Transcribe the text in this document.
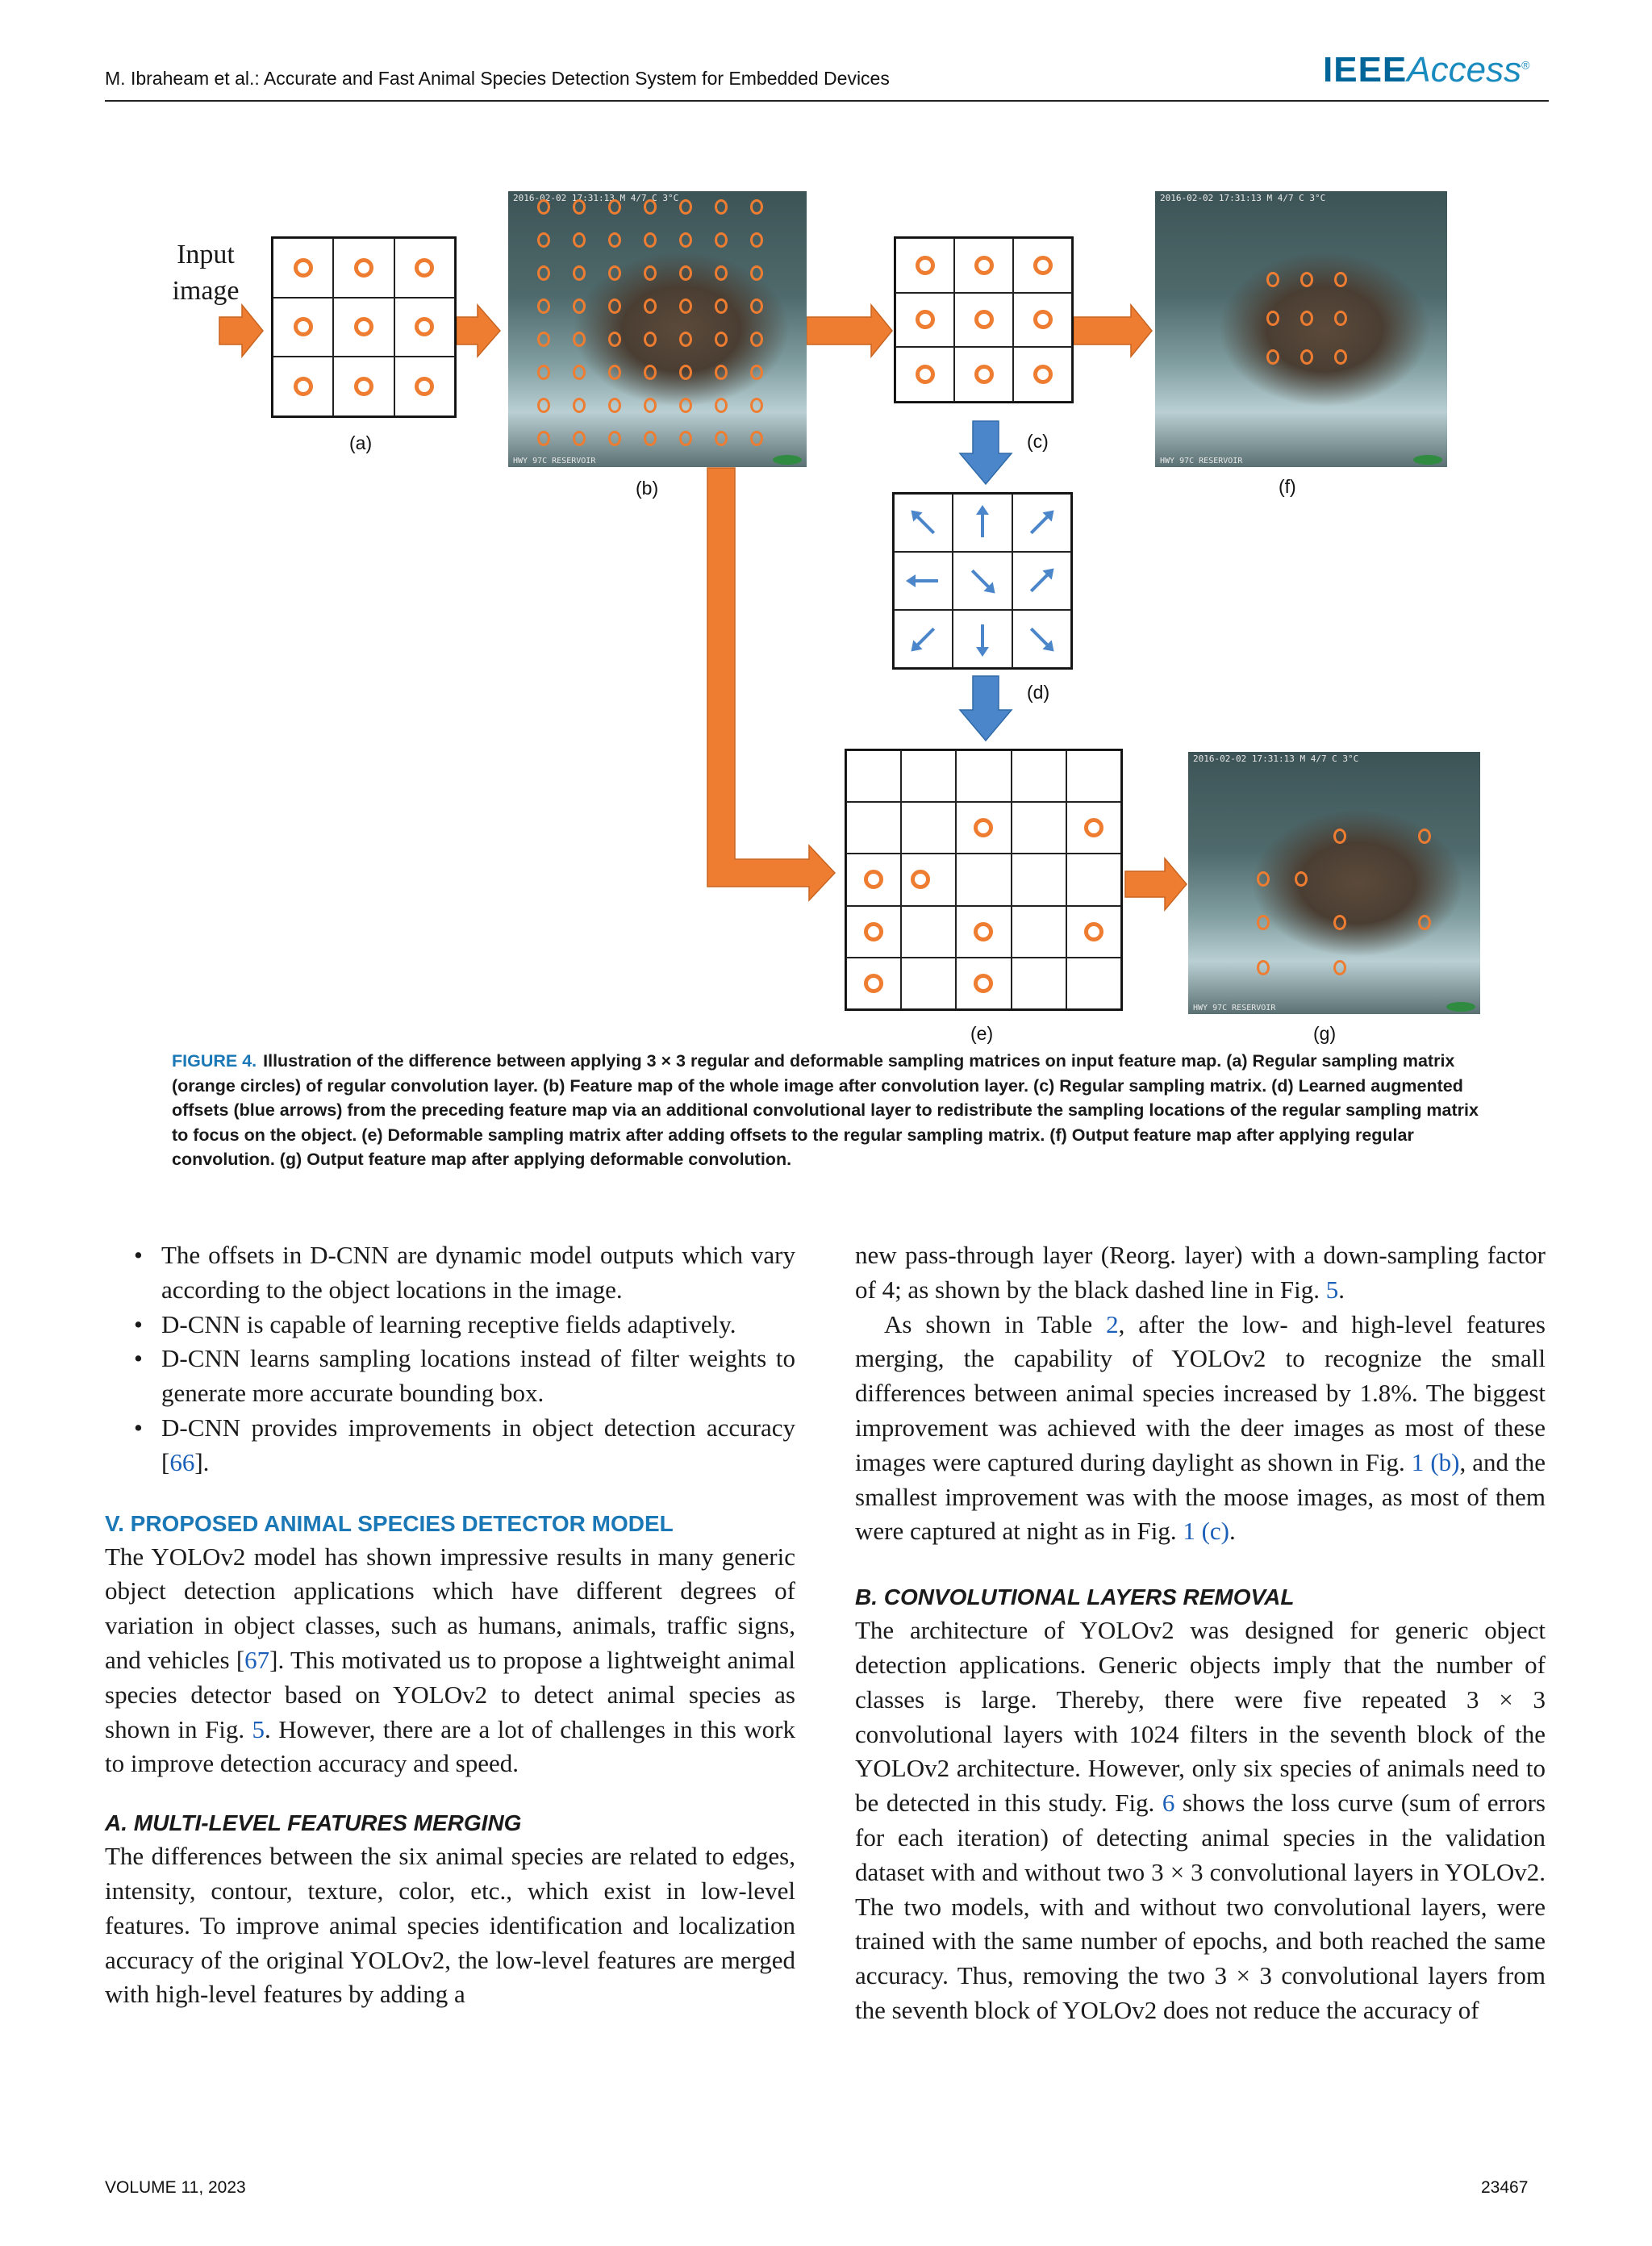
M. Ibraheam et al.: Accurate and Fast Animal Species Detection System for Embedded Devices	IEEEAccess®
Input image
(a)
2016-02-02 17:31:13 M 4/7 C 3°C
HWY 97C RESERVOIR
(b)
(c)
2016-02-02 17:31:13 M 4/7 C 3°C
HWY 97C RESERVOIR
(f)
(d)
(e)
2016-02-02 17:31:13 M 4/7 C 3°C
HWY 97C RESERVOIR
(g)
FIGURE 4. Illustration of the difference between applying 3 × 3 regular and deformable sampling matrices on input feature map. (a) Regular sampling matrix (orange circles) of regular convolution layer. (b) Feature map of the whole image after convolution layer. (c) Regular sampling matrix. (d) Learned augmented offsets (blue arrows) from the preceding feature map via an additional convolutional layer to redistribute the sampling locations of the regular sampling matrix to focus on the object. (e) Deformable sampling matrix after adding offsets to the regular sampling matrix. (f) Output feature map after applying regular convolution. (g) Output feature map after applying deformable convolution.
• The offsets in D-CNN are dynamic model outputs which vary according to the object locations in the image.
• D-CNN is capable of learning receptive fields adaptively.
• D-CNN learns sampling locations instead of filter weights to generate more accurate bounding box.
• D-CNN provides improvements in object detection accuracy [66].
V. PROPOSED ANIMAL SPECIES DETECTOR MODEL

The YOLOv2 model has shown impressive results in many generic object detection applications which have different degrees of variation in object classes, such as humans, animals, traffic signs, and vehicles [67]. This motivated us to propose a lightweight animal species detector based on YOLOv2 to detect animal species as shown in Fig. 5. However, there are a lot of challenges in this work to improve detection accuracy and speed.

A. MULTI-LEVEL FEATURES MERGING

The differences between the six animal species are related to edges, intensity, contour, texture, color, etc., which exist in low-level features. To improve animal species identification and localization accuracy of the original YOLOv2, the low-level features are merged with high-level features by adding a

new pass-through layer (Reorg. layer) with a down-sampling factor of 4; as shown by the black dashed line in Fig. 5.

As shown in Table 2, after the low- and high-level features merging, the capability of YOLOv2 to recognize the small differences between animal species increased by 1.8%. The biggest improvement was achieved with the deer images as most of these images were captured during daylight as shown in Fig. 1 (b), and the smallest improvement was with the moose images, as most of them were captured at night as in Fig. 1 (c).

B. CONVOLUTIONAL LAYERS REMOVAL

The architecture of YOLOv2 was designed for generic object detection applications. Generic objects imply that the number of classes is large. Thereby, there were five repeated 3 × 3 convolutional layers with 1024 filters in the seventh block of the YOLOv2 architecture. However, only six species of animals need to be detected in this study. Fig. 6 shows the loss curve (sum of errors for each iteration) of detecting animal species in the validation dataset with and without two 3 × 3 convolutional layers in YOLOv2. The two models, with and without two convolutional layers, were trained with the same number of epochs, and both reached the same accuracy. Thus, removing the two 3 × 3 convolutional layers from the seventh block of YOLOv2 does not reduce the accuracy of

VOLUME 11, 2023	23467
